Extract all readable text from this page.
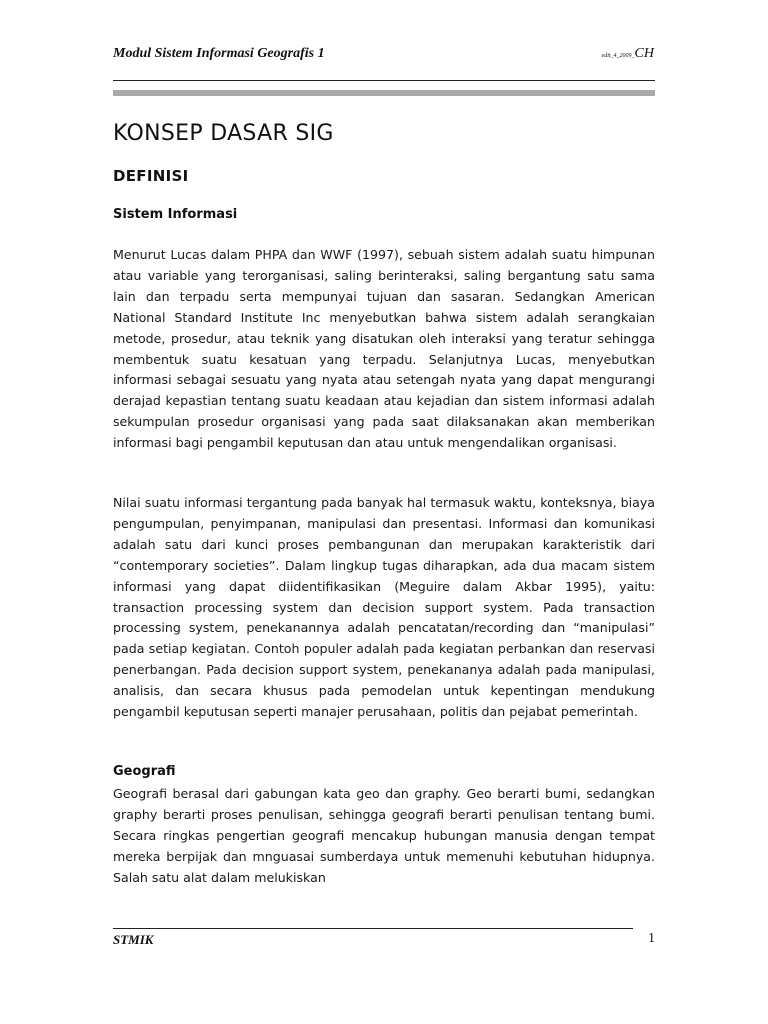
Modul Sistem Informasi Geografis 1	edit_4_2009_CH
KONSEP DASAR SIG
DEFINISI
Sistem Informasi

Menurut Lucas dalam PHPA dan WWF (1997), sebuah sistem adalah suatu himpunan atau variable yang terorganisasi, saling berinteraksi, saling bergantung satu sama lain dan terpadu serta mempunyai tujuan dan sasaran. Sedangkan American National Standard Institute Inc menyebutkan bahwa sistem adalah serangkaian metode, prosedur, atau teknik yang disatukan oleh interaksi yang teratur sehingga membentuk suatu kesatuan yang terpadu. Selanjutnya Lucas, menyebutkan informasi sebagai sesuatu yang nyata atau setengah nyata yang dapat mengurangi derajad kepastian tentang suatu keadaan atau kejadian dan sistem informasi adalah sekumpulan prosedur organisasi yang pada saat dilaksanakan akan memberikan informasi bagi pengambil keputusan dan atau untuk mengendalikan organisasi.

Nilai suatu informasi tergantung pada banyak hal termasuk waktu, konteksnya, biaya pengumpulan, penyimpanan, manipulasi dan presentasi. Informasi dan komunikasi adalah satu dari kunci proses pembangunan dan merupakan karakteristik dari “contemporary societies”. Dalam lingkup tugas diharapkan, ada dua macam sistem informasi yang dapat diidentifikasikan (Meguire dalam Akbar 1995), yaitu: transaction processing system dan decision support system. Pada transaction processing system, penekanannya adalah pencatatan/recording dan “manipulasi” pada setiap kegiatan. Contoh populer adalah pada kegiatan perbankan dan reservasi penerbangan. Pada decision support system, penekananya adalah pada manipulasi, analisis, dan secara khusus pada pemodelan untuk kepentingan mendukung pengambil keputusan seperti manajer perusahaan, politis dan pejabat pemerintah.

Geografi

Geografi berasal dari gabungan kata geo dan graphy. Geo berarti bumi, sedangkan graphy berarti proses penulisan, sehingga geografi berarti penulisan tentang bumi. Secara ringkas pengertian geografi mencakup hubungan manusia dengan tempat mereka berpijak dan mnguasai sumberdaya untuk memenuhi kebutuhan hidupnya. Salah satu alat dalam melukiskan

STMIK	1
